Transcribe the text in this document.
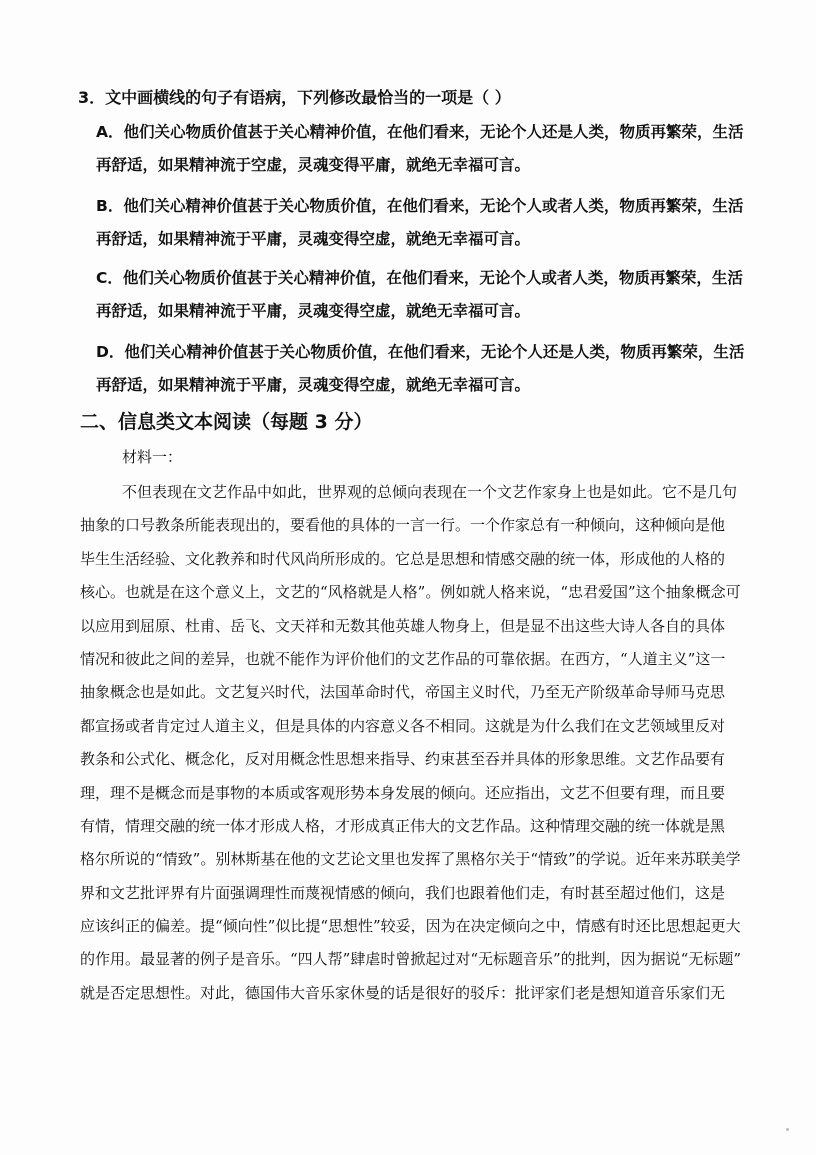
3．文中画横线的句子有语病，下列修改最恰当的一项是（ ）
A．他们关心物质价值甚于关心精神价值，在他们看来，无论个人还是人类，物质再繁荣，生活
再舒适，如果精神流于空虚，灵魂变得平庸，就绝无幸福可言。
B．他们关心精神价值甚于关心物质价值，在他们看来，无论个人或者人类，物质再繁荣，生活
再舒适，如果精神流于平庸，灵魂变得空虚，就绝无幸福可言。
C．他们关心物质价值甚于关心精神价值，在他们看来，无论个人或者人类，物质再繁荣，生活
再舒适，如果精神流于平庸，灵魂变得空虚，就绝无幸福可言。
D．他们关心精神价值甚于关心物质价值，在他们看来，无论个人还是人类，物质再繁荣，生活
再舒适，如果精神流于平庸，灵魂变得空虚，就绝无幸福可言。
二、信息类文本阅读（每题 3 分）
材料一：
不但表现在文艺作品中如此，世界观的总倾向表现在一个文艺作家身上也是如此。它不是几句
抽象的口号教条所能表现出的，要看他的具体的一言一行。一个作家总有一种倾向，这种倾向是他
毕生生活经验、文化教养和时代风尚所形成的。它总是思想和情感交融的统一体，形成他的人格的
核心。也就是在这个意义上，文艺的“风格就是人格”。例如就人格来说，“忠君爱国”这个抽象概念可
以应用到屈原、杜甫、岳飞、文天祥和无数其他英雄人物身上，但是显不出这些大诗人各自的具体
情况和彼此之间的差异，也就不能作为评价他们的文艺作品的可靠依据。在西方，“人道主义”这一
抽象概念也是如此。文艺复兴时代，法国革命时代，帝国主义时代，乃至无产阶级革命导师马克思
都宣扬或者肯定过人道主义，但是具体的内容意义各不相同。这就是为什么我们在文艺领域里反对
教条和公式化、概念化，反对用概念性思想来指导、约束甚至吞并具体的形象思维。文艺作品要有
理，理不是概念而是事物的本质或客观形势本身发展的倾向。还应指出，文艺不但要有理，而且要
有情，情理交融的统一体才形成人格，才形成真正伟大的文艺作品。这种情理交融的统一体就是黑
格尔所说的“情致”。别林斯基在他的文艺论文里也发挥了黑格尔关于“情致”的学说。近年来苏联美学
界和文艺批评界有片面强调理性而蔑视情感的倾向，我们也跟着他们走，有时甚至超过他们，这是
应该纠正的偏差。提“倾向性”似比提“思想性”较妥，因为在决定倾向之中，情感有时还比思想起更大
的作用。最显著的例子是音乐。“四人帮”肆虐时曾掀起过对“无标题音乐”的批判，因为据说“无标题”
就是否定思想性。对此，德国伟大音乐家休曼的话是很好的驳斥：批评家们老是想知道音乐家们无
